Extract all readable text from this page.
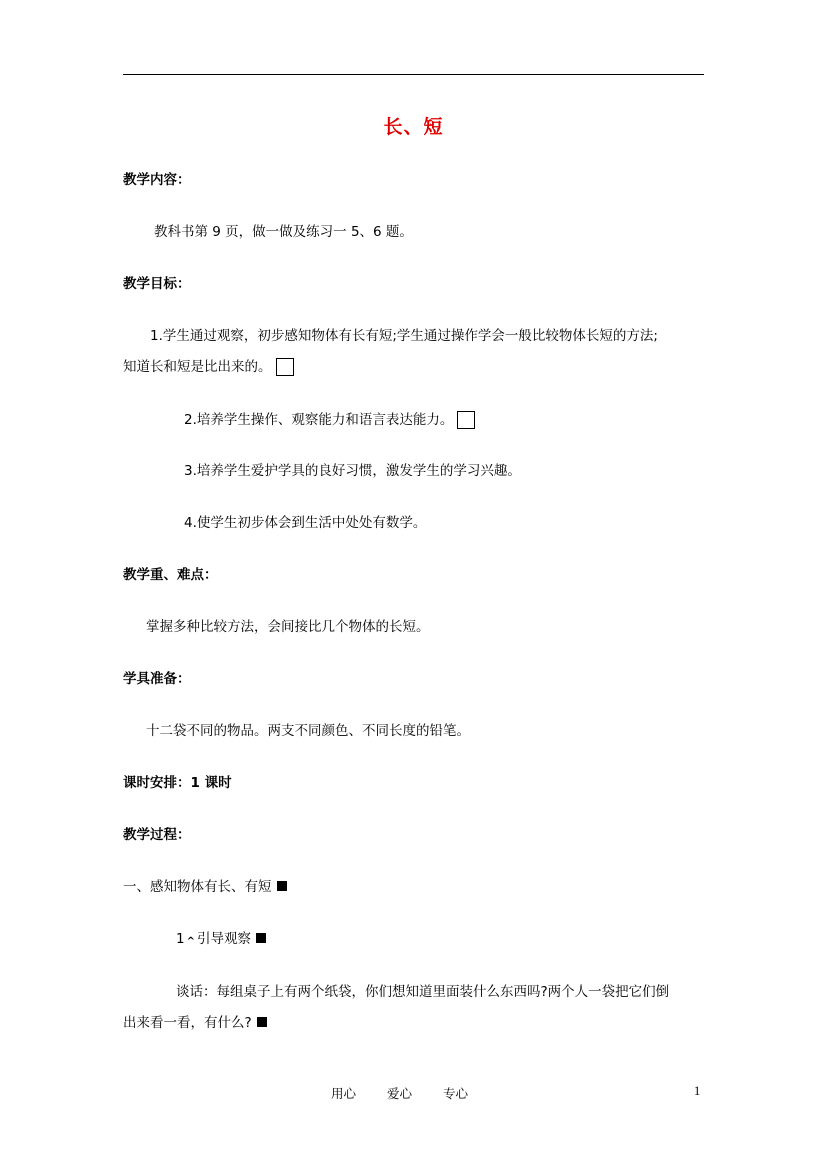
长、短
教学内容：
教科书第 9 页，做一做及练习一 5、6 题。
教学目标：
1.学生通过观察，初步感知物体有长有短;学生通过操作学会一般比较物体长短的方法;
知道长和短是比出来的。
2.培养学生操作、观察能力和语言表达能力。
3.培养学生爱护学具的良好习惯，激发学生的学习兴趣。
4.使学生初步体会到生活中处处有数学。
教学重、难点：
掌握多种比较方法，会间接比几个物体的长短。
学具准备：
十二袋不同的物品。两支不同颜色、不同长度的铅笔。
课时安排：1 课时
教学过程：
一、感知物体有长、有短
1 ^ 引导观察
谈话：每组桌子上有两个纸袋，你们想知道里面装什么东西吗?两个人一袋把它们倒
出来看一看，有什么?
用心 爱心 专心	1
